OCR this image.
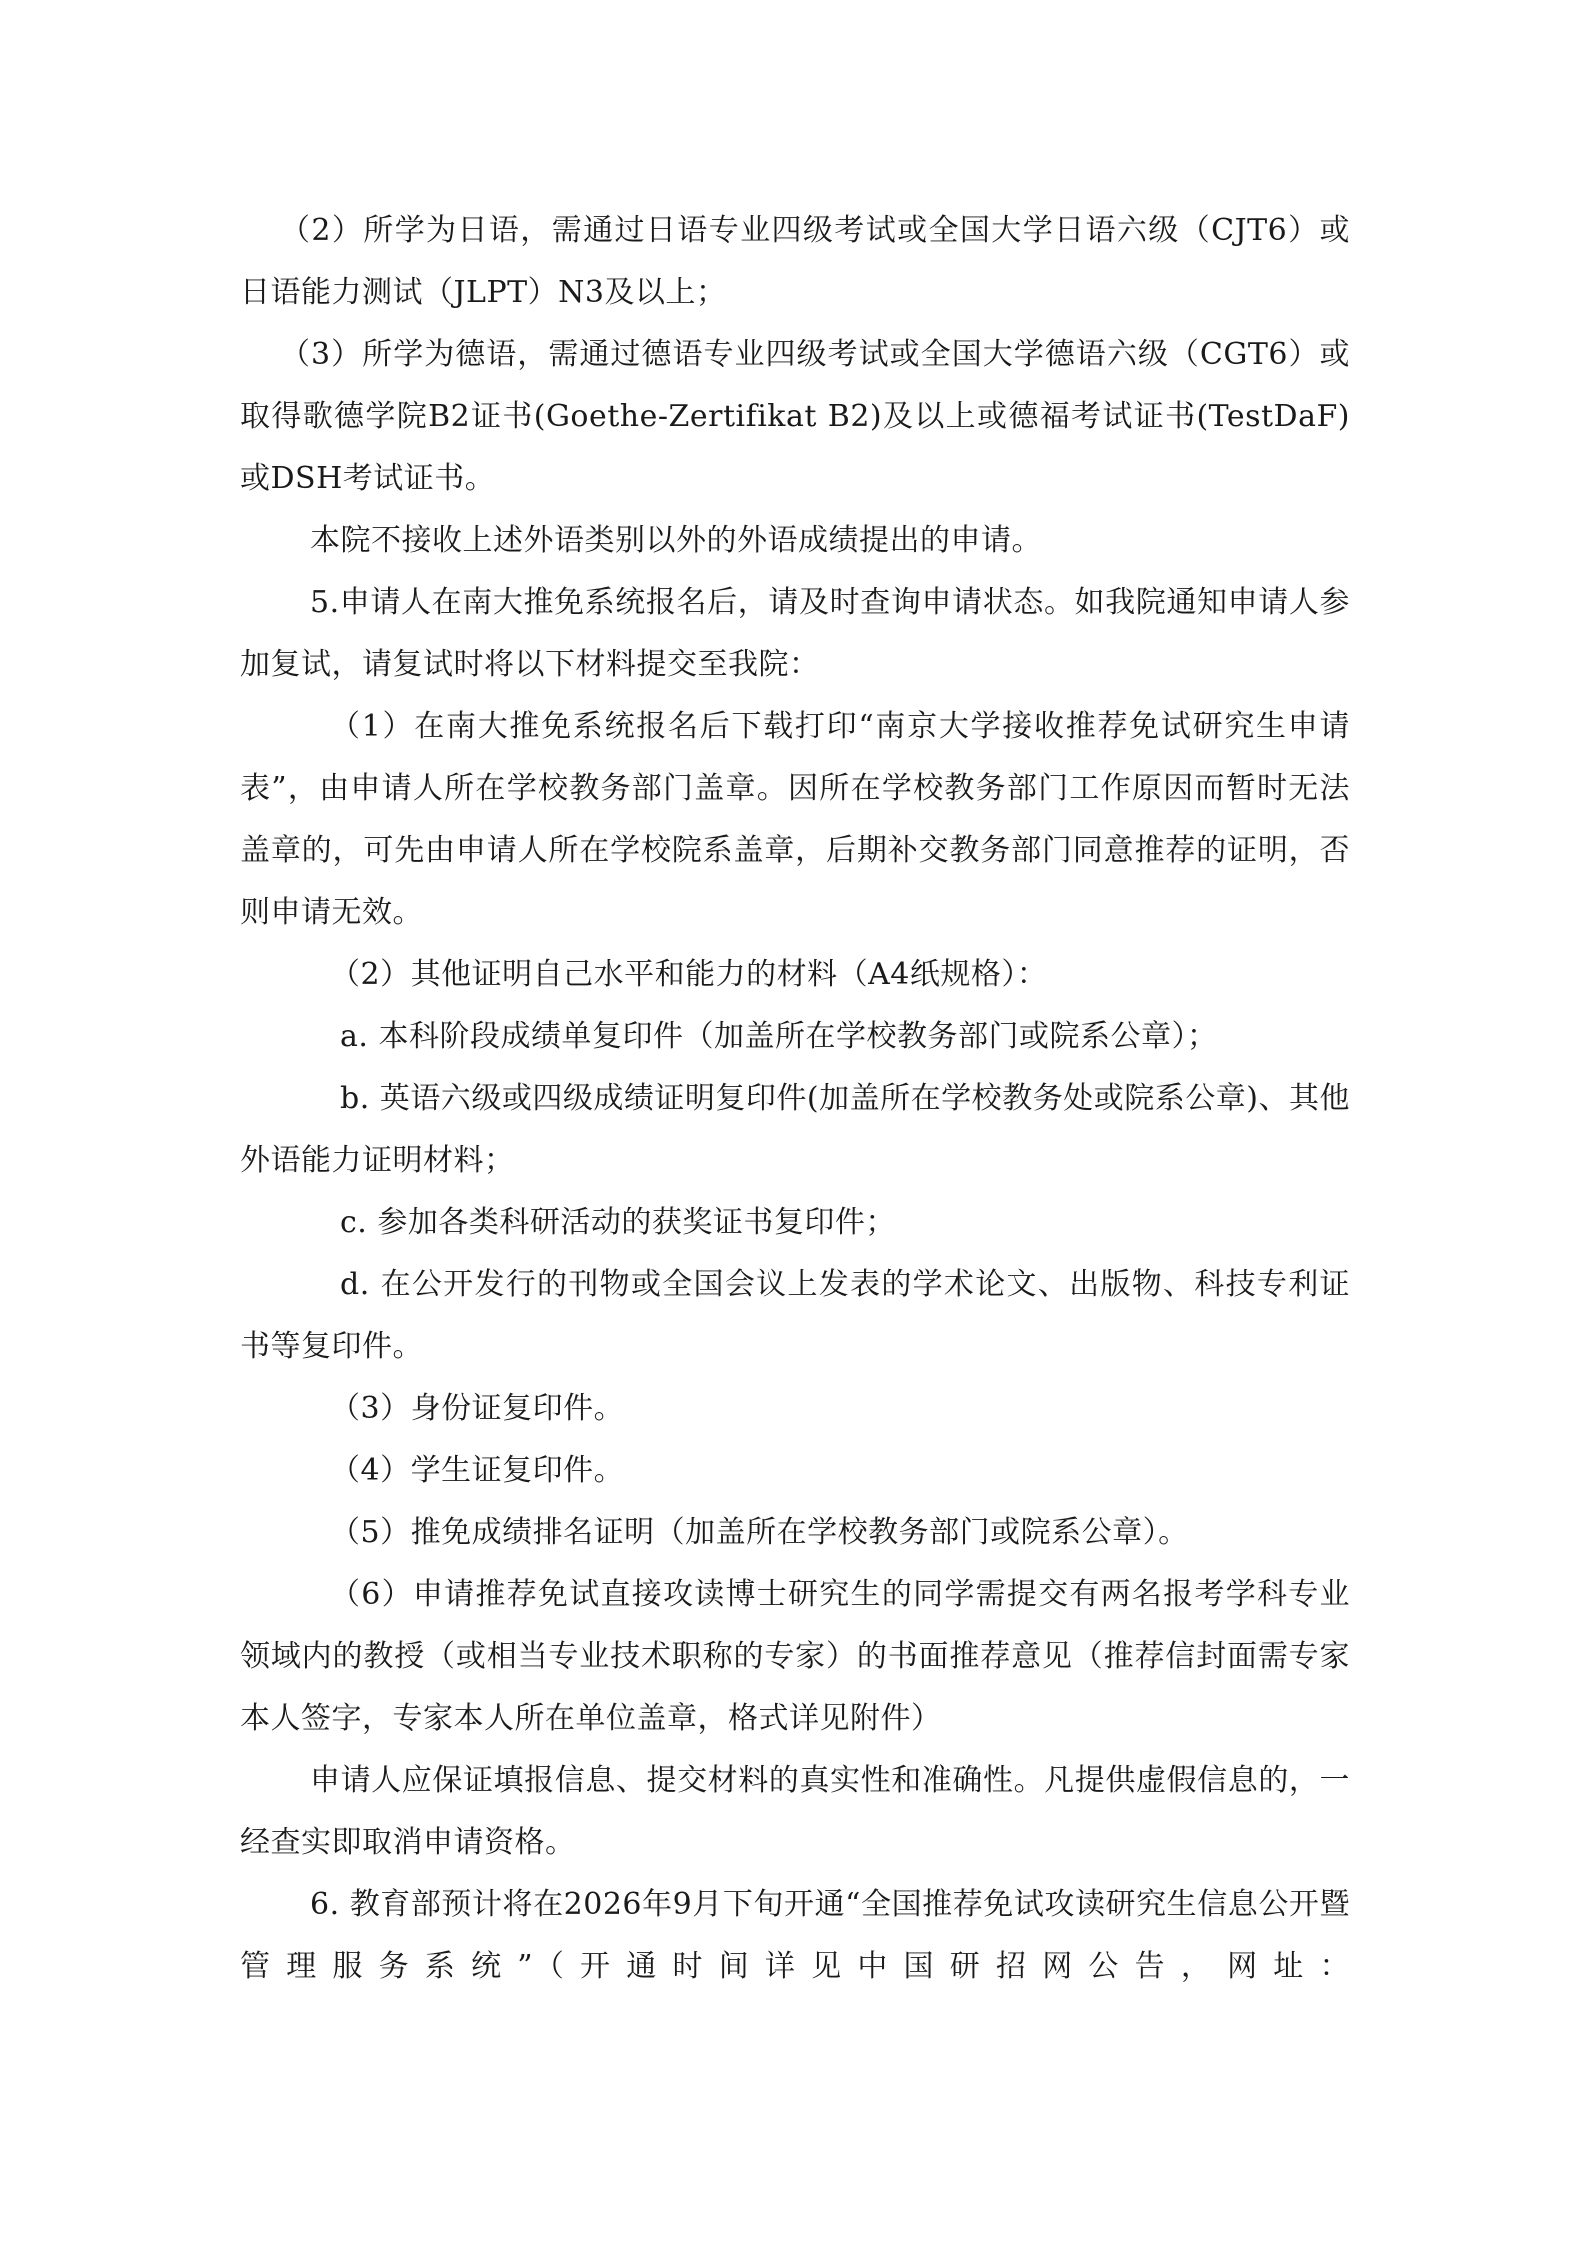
（2）所学为日语，需通过日语专业四级考试或全国大学日语六级（CJT6）或日语能力测试（JLPT）N3及以上；

（3）所学为德语，需通过德语专业四级考试或全国大学德语六级（CGT6）或取得歌德学院B2证书(Goethe-Zertifikat B2)及以上或德福考试证书(TestDaF)或DSH考试证书。

本院不接收上述外语类别以外的外语成绩提出的申请。

5.申请人在南大推免系统报名后，请及时查询申请状态。如我院通知申请人参加复试，请复试时将以下材料提交至我院：

（1）在南大推免系统报名后下载打印“南京大学接收推荐免试研究生申请表”，由申请人所在学校教务部门盖章。因所在学校教务部门工作原因而暂时无法盖章的，可先由申请人所在学校院系盖章，后期补交教务部门同意推荐的证明，否则申请无效。

（2）其他证明自己水平和能力的材料（A4纸规格）：

a. 本科阶段成绩单复印件（加盖所在学校教务部门或院系公章）；

b. 英语六级或四级成绩证明复印件(加盖所在学校教务处或院系公章)、其他外语能力证明材料；

c. 参加各类科研活动的获奖证书复印件；

d. 在公开发行的刊物或全国会议上发表的学术论文、出版物、科技专利证书等复印件。

（3）身份证复印件。

（4）学生证复印件。

（5）推免成绩排名证明（加盖所在学校教务部门或院系公章）。

（6）申请推荐免试直接攻读博士研究生的同学需提交有两名报考学科专业领域内的教授（或相当专业技术职称的专家）的书面推荐意见（推荐信封面需专家本人签字，专家本人所在单位盖章，格式详见附件）

申请人应保证填报信息、提交材料的真实性和准确性。凡提供虚假信息的，一经查实即取消申请资格。

6. 教育部预计将在2026年9月下旬开通“全国推荐免试攻读研究生信息公开暨管理服务系统”（开通时间详见中国研招网公告，网址：
